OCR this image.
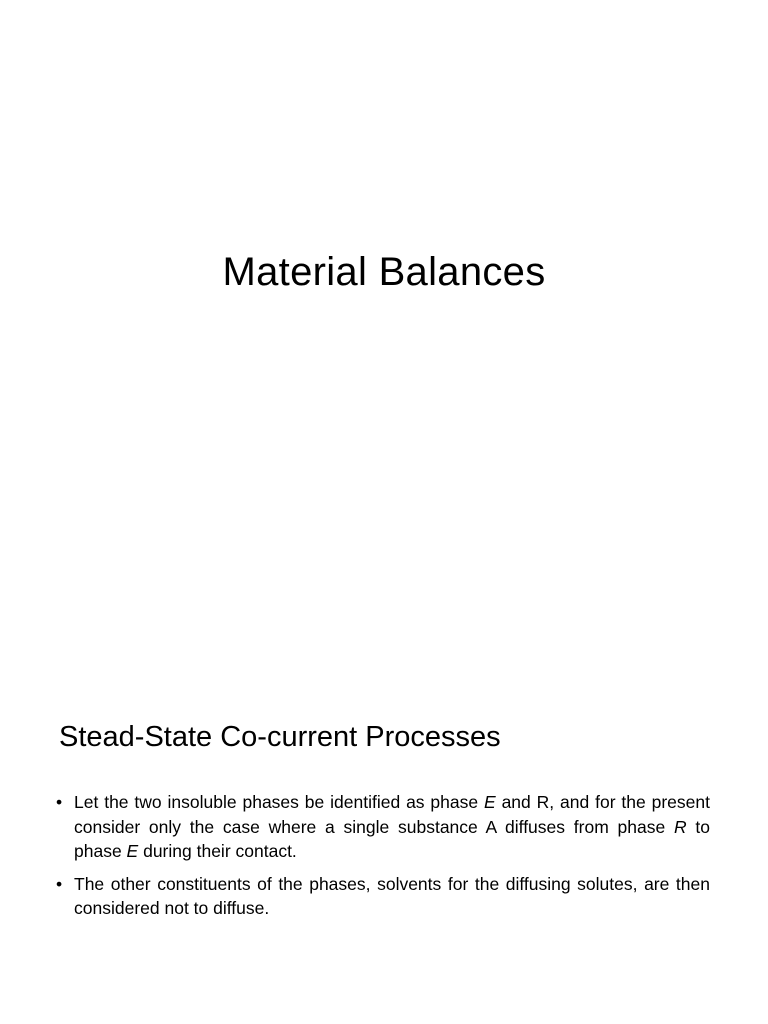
Material Balances
Stead-State Co-current Processes
• Let the two insoluble phases be identified as phase E and R, and for the present consider only the case where a single substance A diffuses from phase R to phase E during their contact.
• The other constituents of the phases, solvents for the diffusing solutes, are then considered not to diffuse.
